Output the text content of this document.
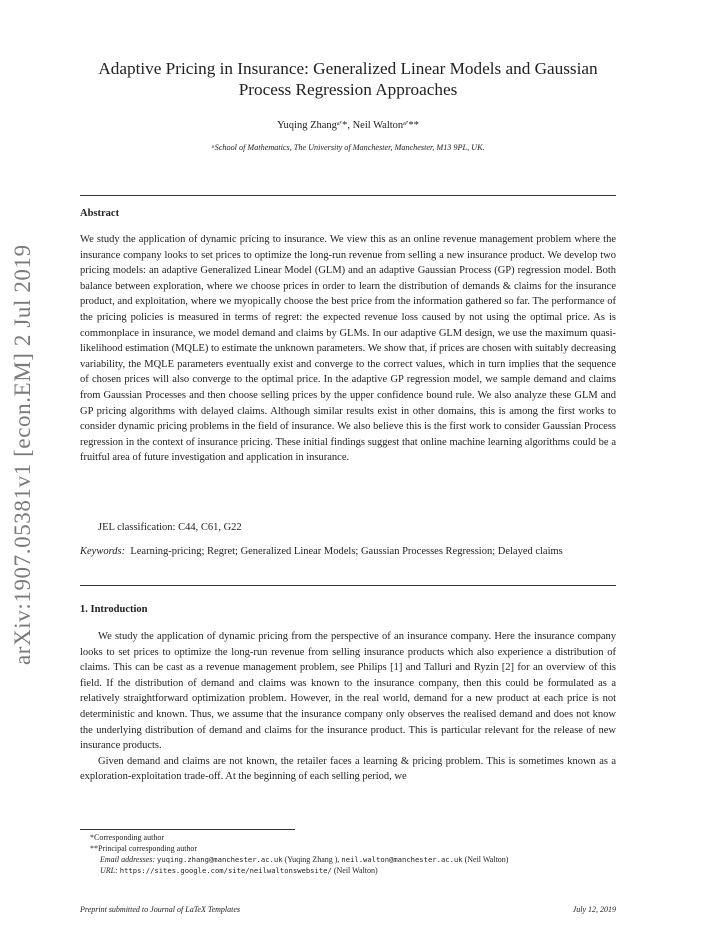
arXiv:1907.05381v1 [econ.EM] 2 Jul 2019
Adaptive Pricing in Insurance: Generalized Linear Models and Gaussian
Process Regression Approaches
Yuqing Zhangᵃ′*, Neil Waltonᵃ′**
ᵃSchool of Mathematics, The University of Manchester, Manchester, M13 9PL, UK.
Abstract
We study the application of dynamic pricing to insurance. We view this as an online revenue management problem where the insurance company looks to set prices to optimize the long-run revenue from selling a new insurance product. We develop two pricing models: an adaptive Generalized Linear Model (GLM) and an adaptive Gaussian Process (GP) regression model. Both balance between exploration, where we choose prices in order to learn the distribution of demands & claims for the insurance product, and exploitation, where we myopically choose the best price from the information gathered so far. The performance of the pricing policies is measured in terms of regret: the expected revenue loss caused by not using the optimal price. As is commonplace in insurance, we model demand and claims by GLMs. In our adaptive GLM design, we use the maximum quasi-likelihood estimation (MQLE) to estimate the unknown parameters. We show that, if prices are chosen with suitably decreasing variability, the MQLE parameters eventually exist and converge to the correct values, which in turn implies that the sequence of chosen prices will also converge to the optimal price. In the adaptive GP regression model, we sample demand and claims from Gaussian Processes and then choose selling prices by the upper confidence bound rule. We also analyze these GLM and GP pricing algorithms with delayed claims. Although similar results exist in other domains, this is among the first works to consider dynamic pricing problems in the field of insurance. We also believe this is the first work to consider Gaussian Process regression in the context of insurance pricing. These initial findings suggest that online machine learning algorithms could be a fruitful area of future investigation and application in insurance.
JEL classification: C44, C61, G22
Keywords: Learning-pricing; Regret; Generalized Linear Models; Gaussian Processes Regression; Delayed claims
1. Introduction

We study the application of dynamic pricing from the perspective of an insurance company. Here the insurance company looks to set prices to optimize the long-run revenue from selling insurance products which also experience a distribution of claims. This can be cast as a revenue management problem, see Philips [1] and Talluri and Ryzin [2] for an overview of this field. If the distribution of demand and claims was known to the insurance company, then this could be formulated as a relatively straightforward optimization problem. However, in the real world, demand for a new product at each price is not deterministic and known. Thus, we assume that the insurance company only observes the realised demand and does not know the underlying distribution of demand and claims for the insurance product. This is particular relevant for the release of new insurance products.

Given demand and claims are not known, the retailer faces a learning & pricing problem. This is sometimes known as a exploration-exploitation trade-off. At the beginning of each selling period, we

*Corresponding author
**Principal corresponding author
Email addresses: yuqing.zhang@manchester.ac.uk (Yuqing Zhang ), neil.walton@manchester.ac.uk (Neil Walton)
URL: https://sites.google.com/site/neilwaltonswebsite/ (Neil Walton)
Preprint submitted to Journal of LaTeX Templates	July 12, 2019
